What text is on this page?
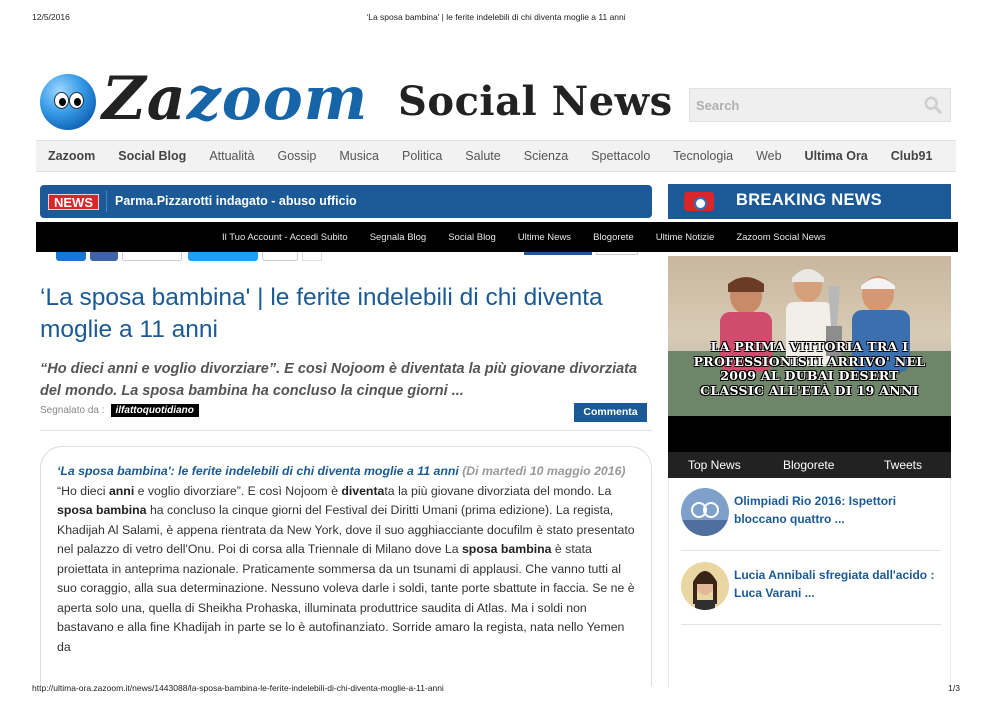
12/5/2016	‘La sposa bambina' | le ferite indelebili di chi diventa moglie a 11 anni
Zazoom Social News
Search
Zazoom Social Blog Attualità Gossip Musica Politica Salute Scienza Spettacolo Tecnologia Web Ultima Ora Club91
NEWS	Parma.Pizzarotti indagato - abuso ufficio	BREAKING NEWS
Il Tuo Account - Accedi Subito Segnala Blog Social Blog Ultime News Blogorete Ultime Notizie Zazoom Social News
‘La sposa bambina' | le ferite indelebili di chi diventa moglie a 11 anni

“Ho dieci anni e voglio divorziare”. E così Nojoom è diventata la più giovane divorziata del mondo. La sposa bambina ha concluso la cinque giorni ...

Segnalato da : ilfattoquotidiano	Commenta

‘La sposa bambina': le ferite indelebili di chi diventa moglie a 11 anni (Di martedì 10 maggio 2016) “Ho dieci anni e voglio divorziare”. E così Nojoom è diventata la più giovane divorziata del mondo. La sposa bambina ha concluso la cinque giorni del Festival dei Diritti Umani (prima edizione). La regista, Khadijah Al Salami, è appena rientrata da New York, dove il suo agghiacciante docufilm è stato presentato nel palazzo di vetro dell'Onu. Poi di corsa alla Triennale di Milano dove La sposa bambina è stata proiettata in anteprima nazionale. Praticamente sommersa da un tsunami di applausi. Che vanno tutti al suo coraggio, alla sua determinazione. Nessuno voleva darle i soldi, tante porte sbattute in faccia. Se ne è aperta solo una, quella di Sheikha Prohaska, illuminata produttrice saudita di Atlas. Ma i soldi non bastavano e alla fine Khadijah in parte se lo è autofinanziato. Sorride amaro la regista, nata nello Yemen da

LA PRIMA VITTORIA TRA I
PROFESSIONISTI ARRIVO' NEL
2009 AL DUBAI DESERT
CLASSIC ALL'ETÀ DI 19 ANNI
Top News	Blogorete	Tweets
Olimpiadi Rio 2016: Ispettori bloccano quattro ...
Lucia Annibali sfregiata dall'acido : Luca Varani ...
http://ultima-ora.zazoom.it/news/1443088/la-sposa-bambina-le-ferite-indelebili-di-chi-diventa-moglie-a-11-anni	1/3
